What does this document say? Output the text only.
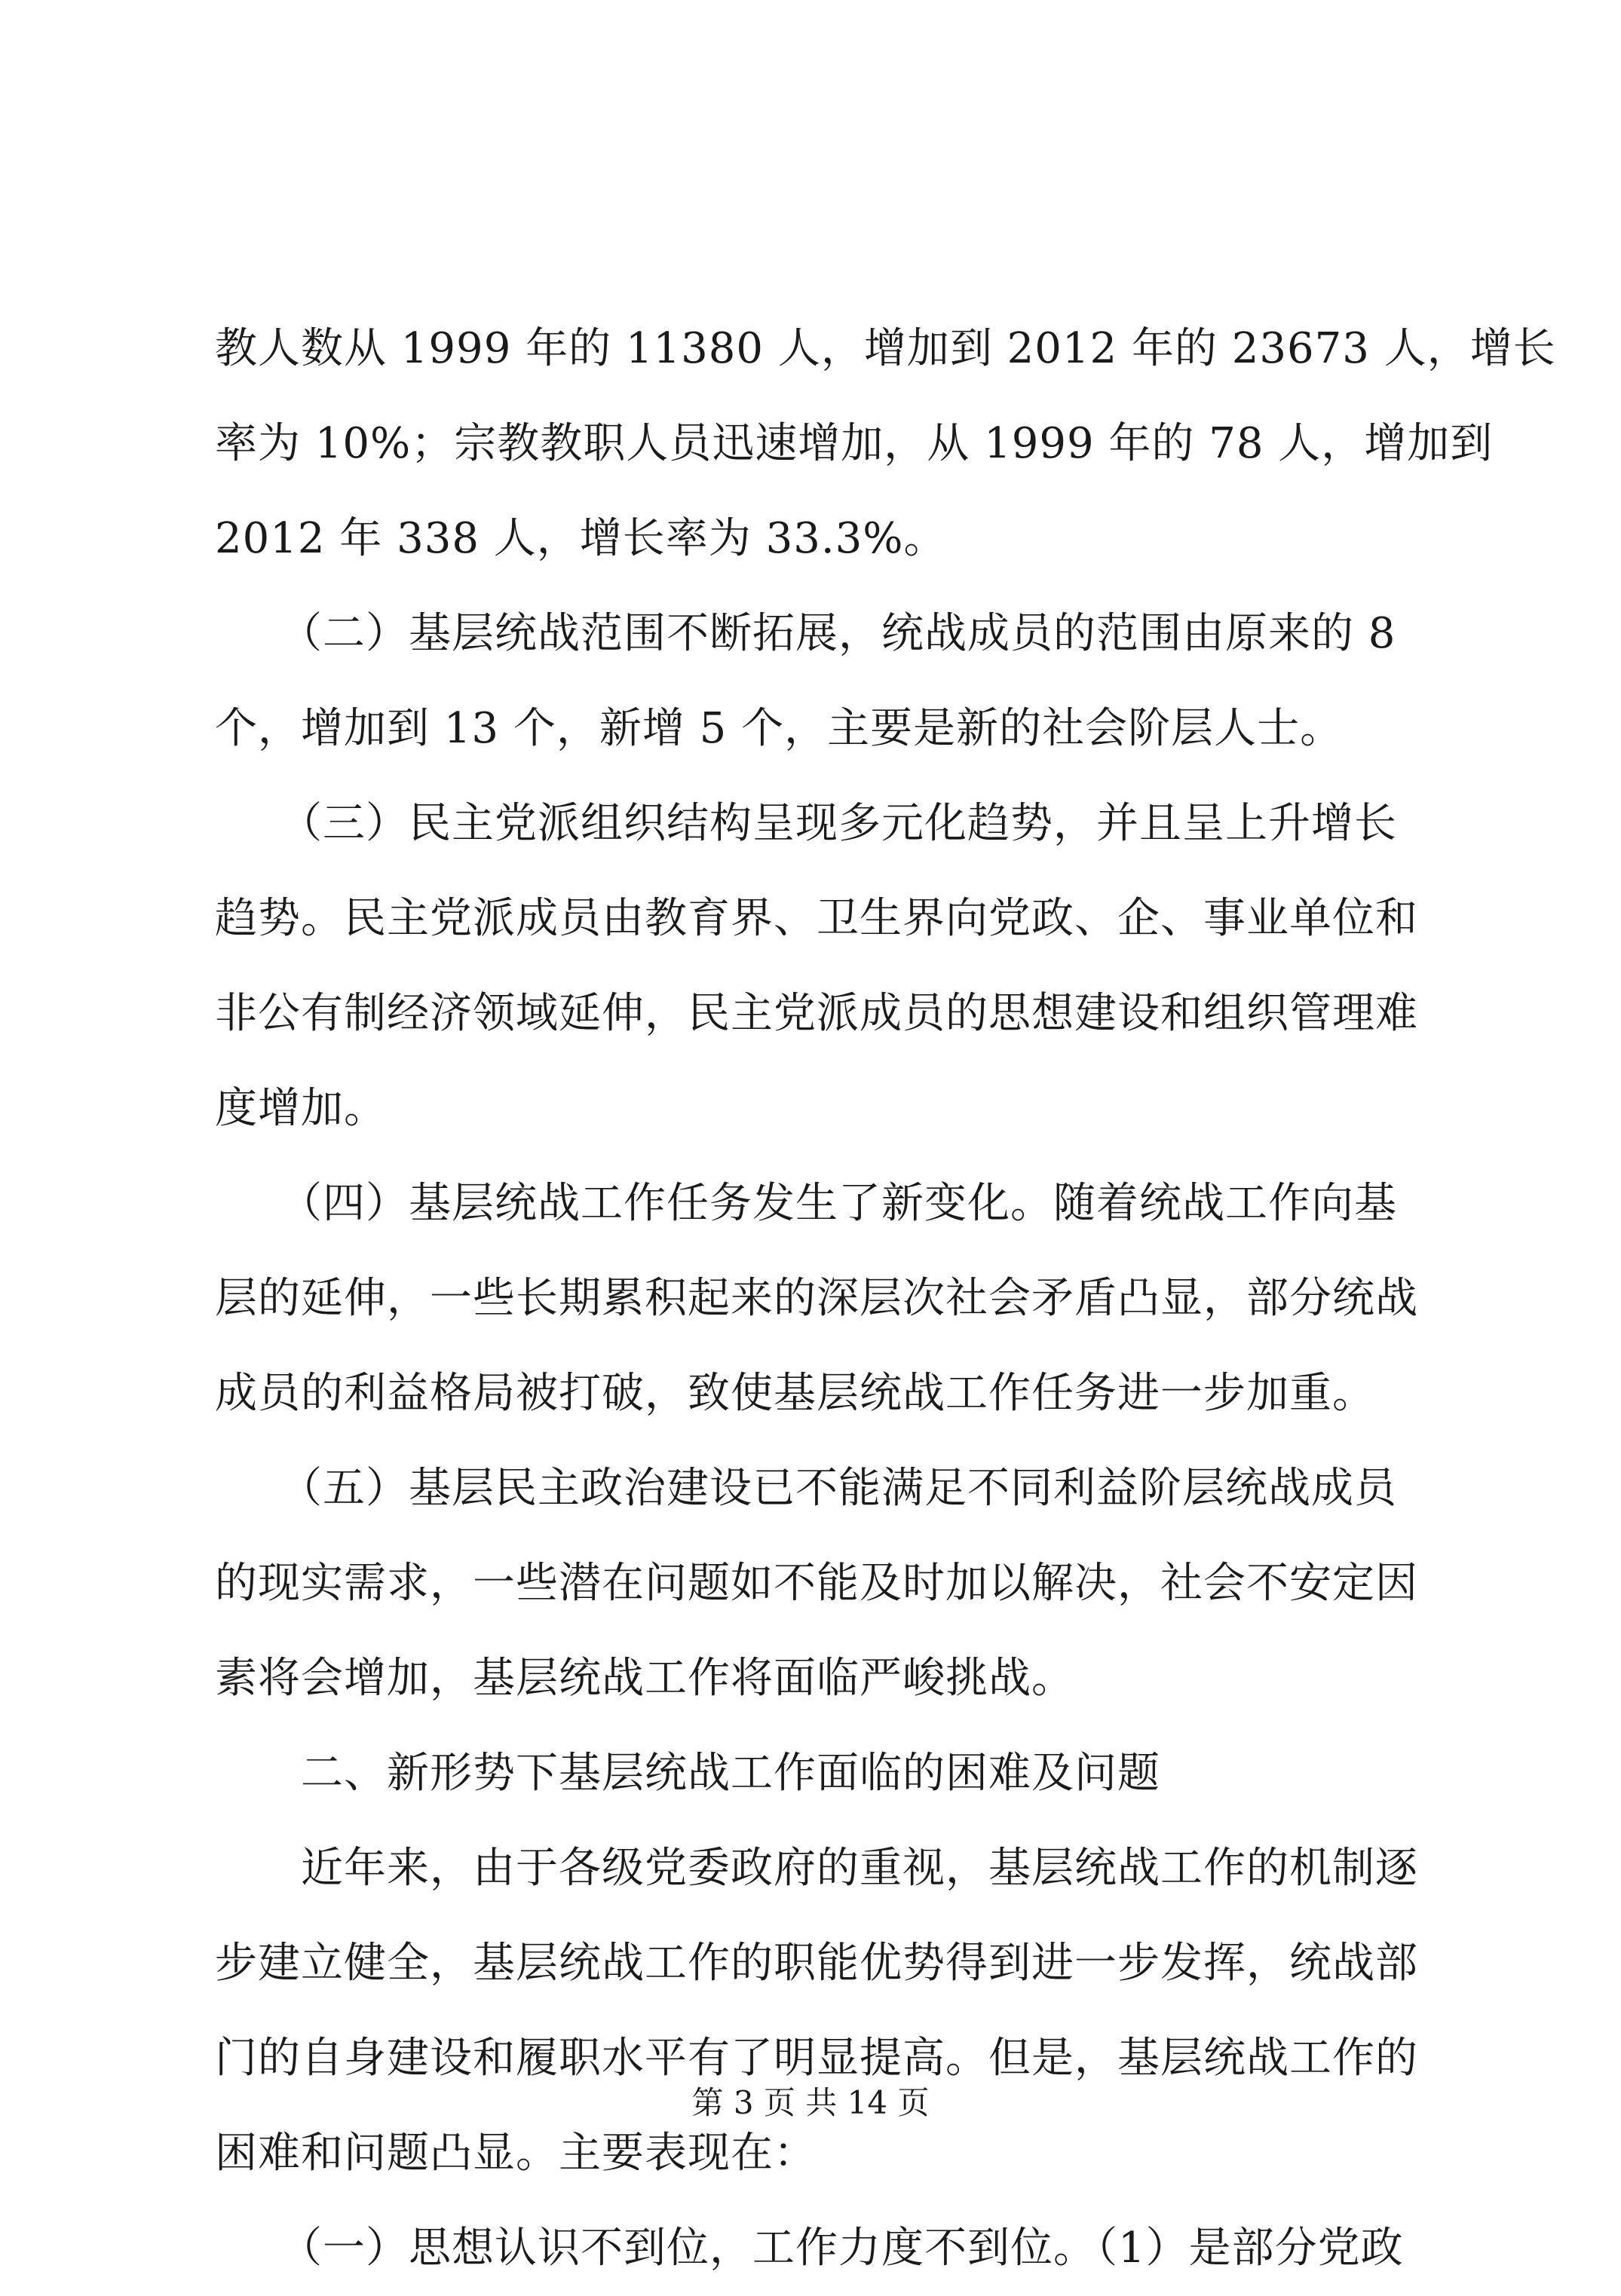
教人数从 1999 年的 11380 人，增加到 2012 年的 23673 人，增长
率为 10%；宗教教职人员迅速增加，从 1999 年的 78 人，增加到
2012 年 338 人，增长率为 33.3%。
　　（二）基层统战范围不断拓展，统战成员的范围由原来的 8
个，增加到 13 个，新增 5 个，主要是新的社会阶层人士。
　　（三）民主党派组织结构呈现多元化趋势，并且呈上升增长
趋势。民主党派成员由教育界、卫生界向党政、企、事业单位和
非公有制经济领域延伸，民主党派成员的思想建设和组织管理难
度增加。
　　（四）基层统战工作任务发生了新变化。随着统战工作向基
层的延伸，一些长期累积起来的深层次社会矛盾凸显，部分统战
成员的利益格局被打破，致使基层统战工作任务进一步加重。
　　（五）基层民主政治建设已不能满足不同利益阶层统战成员
的现实需求，一些潜在问题如不能及时加以解决，社会不安定因
素将会增加，基层统战工作将面临严峻挑战。
　　二、新形势下基层统战工作面临的困难及问题
　　近年来，由于各级党委政府的重视，基层统战工作的机制逐
步建立健全，基层统战工作的职能优势得到进一步发挥，统战部
门的自身建设和履职水平有了明显提高。但是，基层统战工作的
困难和问题凸显。主要表现在：
　　（一）思想认识不到位，工作力度不到位。（1）是部分党政
第 3 页 共 14 页
